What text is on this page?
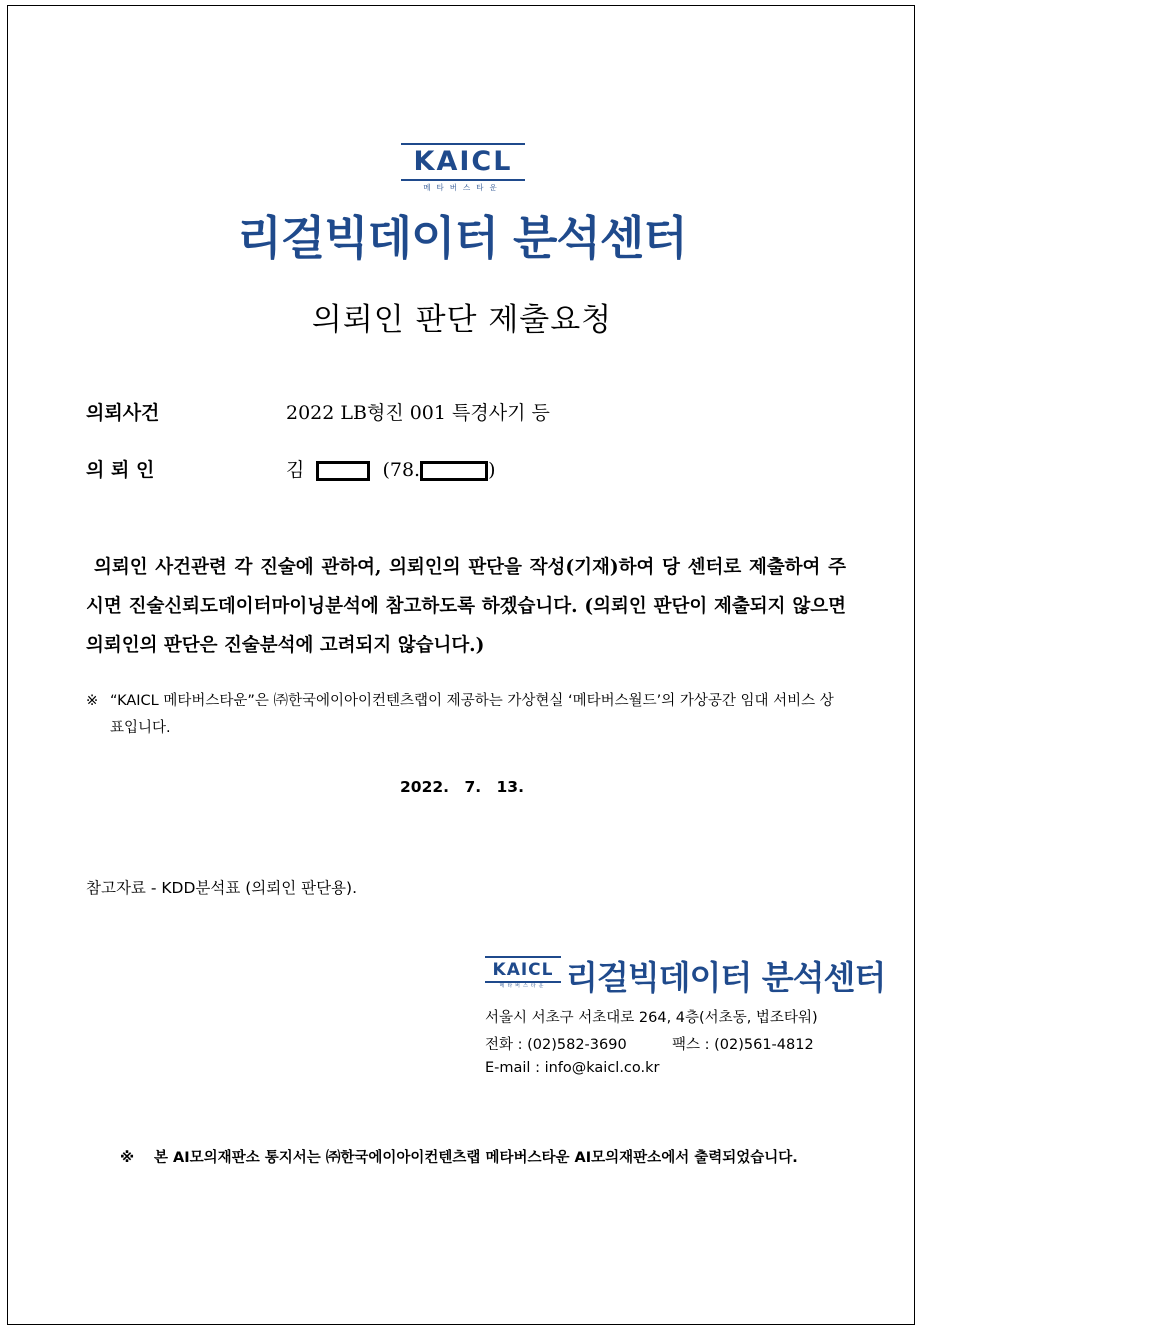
KAICL
메타버스타운
리걸빅데이터 분석센터
의뢰인 판단 제출요청
의뢰사건	2022 LB형진 001 특경사기 등
의 뢰 인	김	(78.	)
의뢰인 사건관련 각 진술에 관하여, 의뢰인의 판단을 작성(기재)하여 당 센터로 제출하여 주시면 진술신뢰도데이터마이닝분석에 참고하도록 하겠습니다. (의뢰인 판단이 제출되지 않으면 의뢰인의 판단은 진술분석에 고려되지 않습니다.)
※ “KAICL 메타버스타운”은 ㈜한국에이아이컨텐츠랩이 제공하는 가상현실 ‘메타버스월드’의 가상공간 임대 서비스 상표입니다.
2022. 7. 13.
참고자료 - KDD분석표 (의뢰인 판단용).
KAICL
메타버스타운 리걸빅데이터 분석센터
서울시 서초구 서초대로 264, 4층(서초동, 법조타워)
전화 : (02)582-3690	팩스 : (02)561-4812
E-mail : info@kaicl.co.kr
※	본 AI모의재판소 통지서는 ㈜한국에이아이컨텐츠랩 메타버스타운 AI모의재판소에서 출력되었습니다.
